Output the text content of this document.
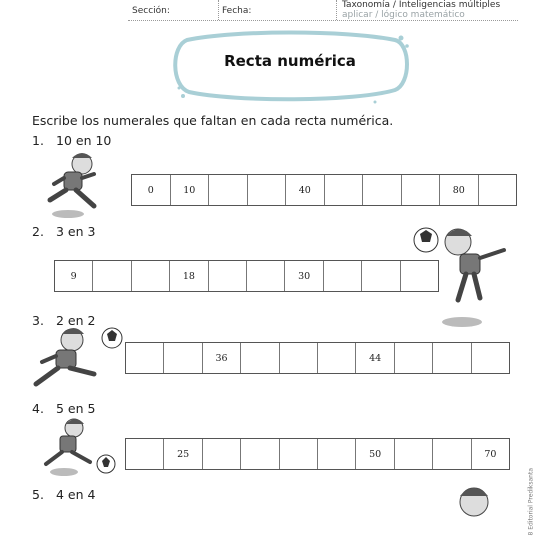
Sección:	Fecha:
Taxonomía / Inteligencias múltiples
aplicar / lógico matemático
Recta numérica
Escribe los numerales que faltan en cada recta numérica.
1. 10 en 10
0	10	40	80
2. 3 en 3
9	18	30
3. 2 en 2
36	44
4. 5 en 5
25	50	70
5. 4 en 4	8 Editorial Prediksanta
